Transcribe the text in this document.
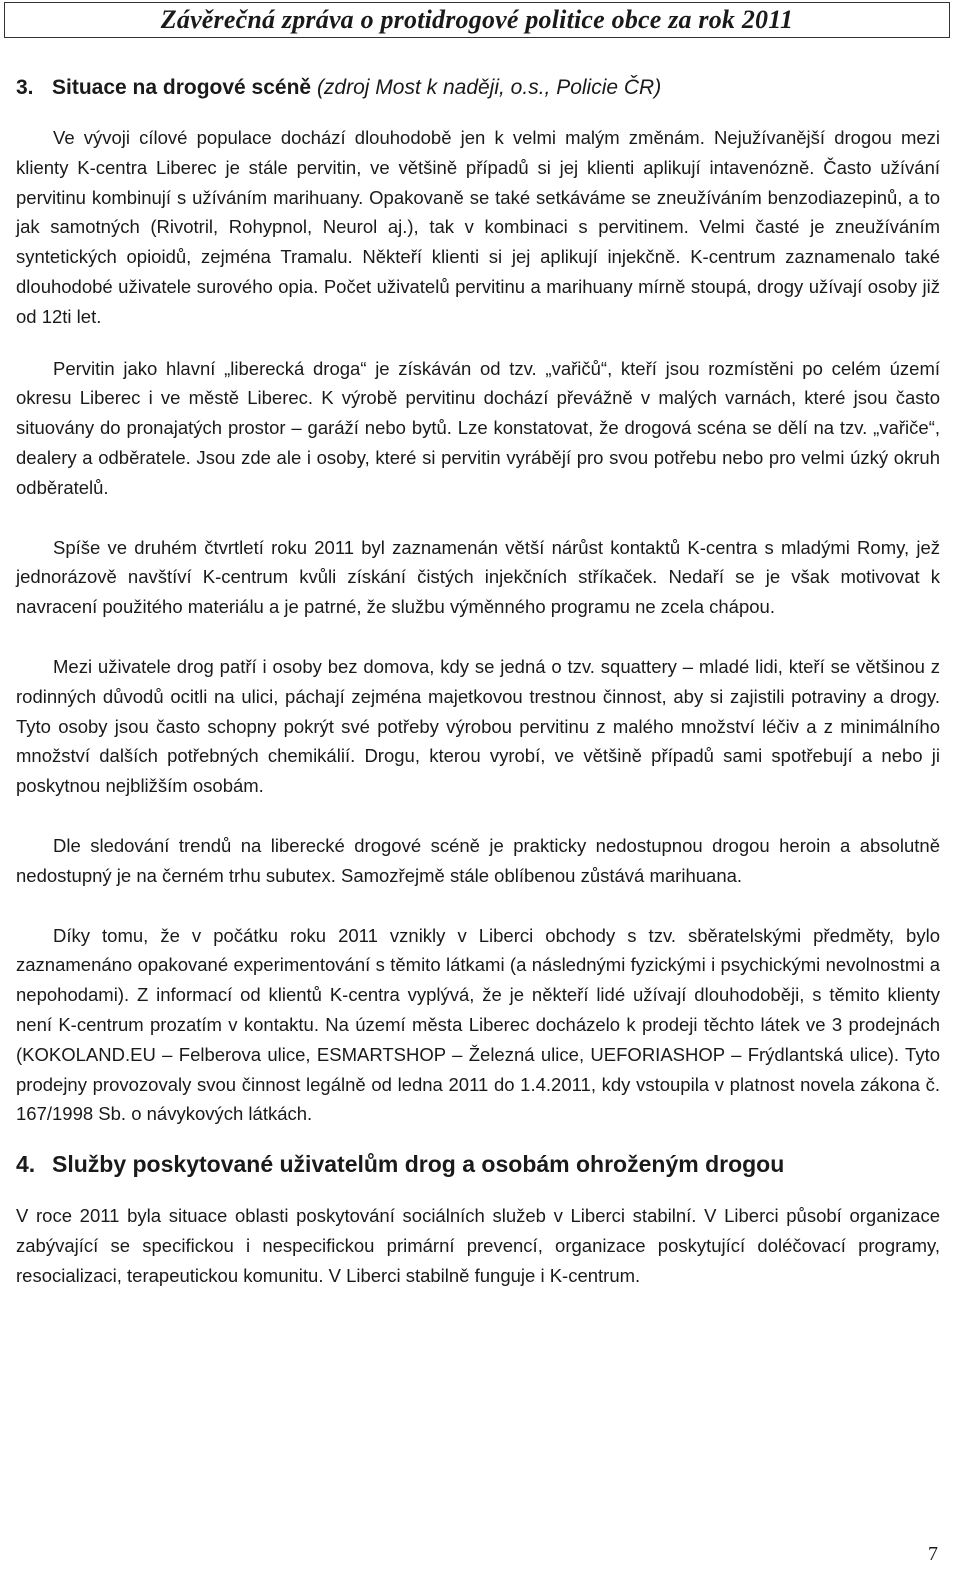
Závěrečná zpráva o protidrogové politice obce za rok 2011
3. Situace na drogové scéně (zdroj Most k naději, o.s., Policie ČR)

Ve vývoji cílové populace dochází dlouhodobě jen k velmi malým změnám. Nejužívanější drogou mezi klienty K-centra Liberec je stále pervitin, ve většině případů si jej klienti aplikují intavenózně. Často užívání pervitinu kombinují s užíváním marihuany. Opakovaně se také setkáváme se zneužíváním benzodiazepinů, a to jak samotných (Rivotril, Rohypnol, Neurol aj.), tak v kombinaci s pervitinem. Velmi časté je zneužíváním syntetických opioidů, zejména Tramalu. Někteří klienti si jej aplikují injekčně. K-centrum zaznamenalo také dlouhodobé uživatele surového opia. Počet uživatelů pervitinu a marihuany mírně stoupá, drogy užívají osoby již od 12ti let.

Pervitin jako hlavní „liberecká droga“ je získáván od tzv. „vařičů“, kteří jsou rozmístěni po celém území okresu Liberec i ve městě Liberec. K výrobě pervitinu dochází převážně v malých varnách, které jsou často situovány do pronajatých prostor – garáží nebo bytů. Lze konstatovat, že drogová scéna se dělí na tzv. „vařiče“, dealery a odběratele. Jsou zde ale i osoby, které si pervitin vyrábějí pro svou potřebu nebo pro velmi úzký okruh odběratelů.

Spíše ve druhém čtvrtletí roku 2011 byl zaznamenán větší nárůst kontaktů K-centra s mladými Romy, jež jednorázově navštíví K-centrum kvůli získání čistých injekčních stříkaček. Nedaří se je však motivovat k navracení použitého materiálu a je patrné, že službu výměnného programu ne zcela chápou.

Mezi uživatele drog patří i osoby bez domova, kdy se jedná o tzv. squattery – mladé lidi, kteří se většinou z rodinných důvodů ocitli na ulici, páchají zejména majetkovou trestnou činnost, aby si zajistili potraviny a drogy. Tyto osoby jsou často schopny pokrýt své potřeby výrobou pervitinu z malého množství léčiv a z minimálního množství dalších potřebných chemikálií. Drogu, kterou vyrobí, ve většině případů sami spotřebují a nebo ji poskytnou nejbližším osobám.

Dle sledování trendů na liberecké drogové scéně je prakticky nedostupnou drogou heroin a absolutně nedostupný je na černém trhu subutex. Samozřejmě stále oblíbenou zůstává marihuana.

Díky tomu, že v počátku roku 2011 vznikly v Liberci obchody s tzv. sběratelskými předměty, bylo zaznamenáno opakované experimentování s těmito látkami (a následnými fyzickými i psychickými nevolnostmi a nepohodami). Z informací od klientů K-centra vyplývá, že je někteří lidé užívají dlouhodoběji, s těmito klienty není K-centrum prozatím v kontaktu. Na území města Liberec docházelo k prodeji těchto látek ve 3 prodejnách (KOKOLAND.EU – Felberova ulice, ESMARTSHOP – Železná ulice, UEFORIASHOP – Frýdlantská ulice). Tyto prodejny provozovaly svou činnost legálně od ledna 2011 do 1.4.2011, kdy vstoupila v platnost novela zákona č. 167/1998 Sb. o návykových látkách.

4. Služby poskytované uživatelům drog a osobám ohroženým drogou

V roce 2011 byla situace oblasti poskytování sociálních služeb v Liberci stabilní. V Liberci působí organizace zabývající se specifickou i nespecifickou primární prevencí, organizace poskytující doléčovací programy, resocializaci, terapeutickou komunitu. V Liberci stabilně funguje i K-centrum.

7
